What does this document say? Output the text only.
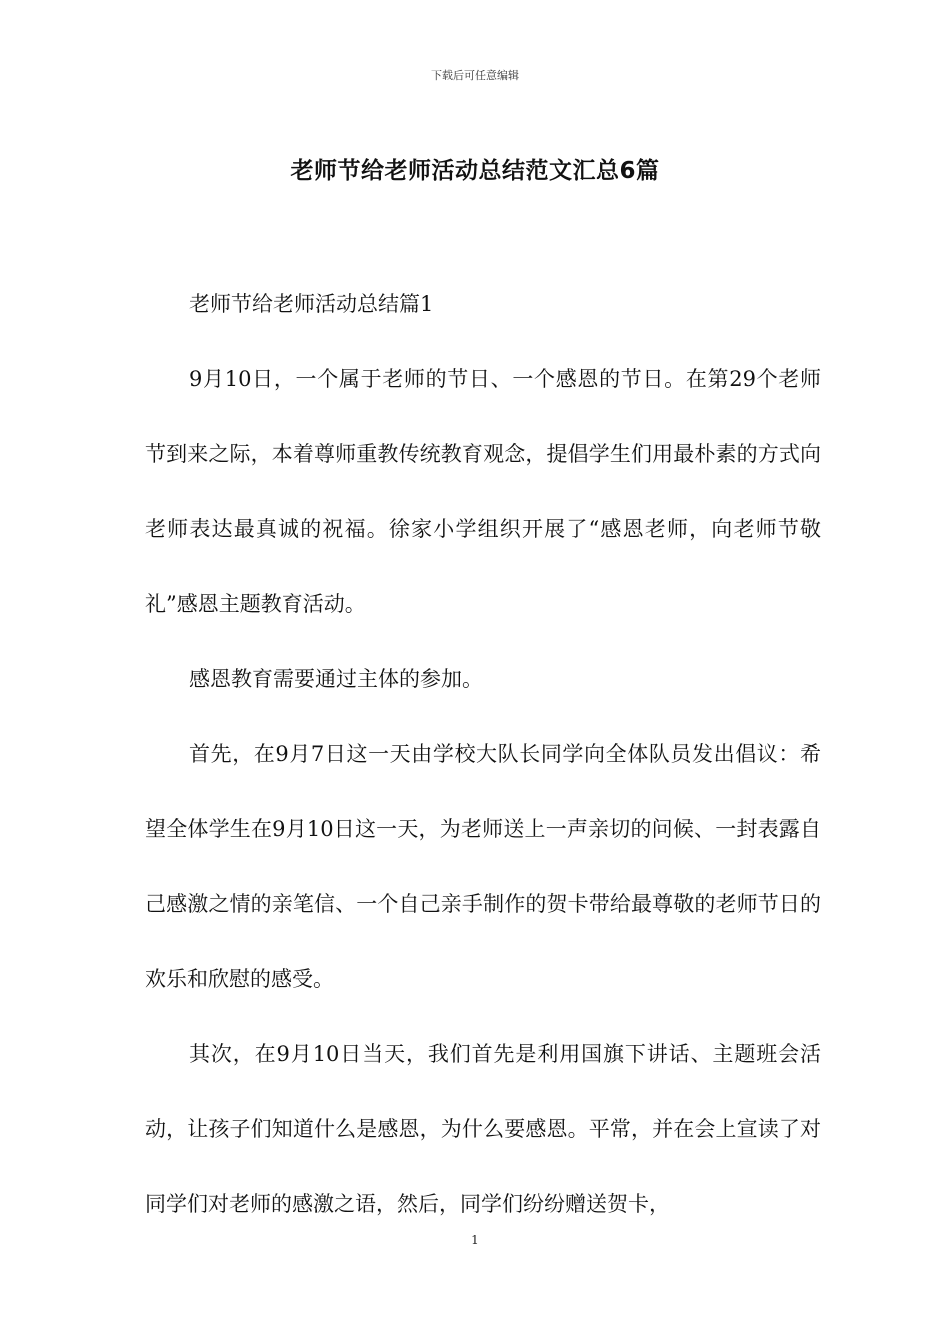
下载后可任意编辑
老师节给老师活动总结范文汇总6篇

老师节给老师活动总结篇1

9月10日，一个属于老师的节日、一个感恩的节日。在第29个老师节到来之际，本着尊师重教传统教育观念，提倡学生们用最朴素的方式向老师表达最真诚的祝福。徐家小学组织开展了“感恩老师，向老师节敬礼”感恩主题教育活动。

感恩教育需要通过主体的参加。

首先，在9月7日这一天由学校大队长同学向全体队员发出倡议：希望全体学生在9月10日这一天，为老师送上一声亲切的问候、一封表露自己感激之情的亲笔信、一个自己亲手制作的贺卡带给最尊敬的老师节日的欢乐和欣慰的感受。

其次，在9月10日当天，我们首先是利用国旗下讲话、主题班会活动，让孩子们知道什么是感恩，为什么要感恩。平常，并在会上宣读了对同学们对老师的感激之语，然后，同学们纷纷赠送贺卡，

1
